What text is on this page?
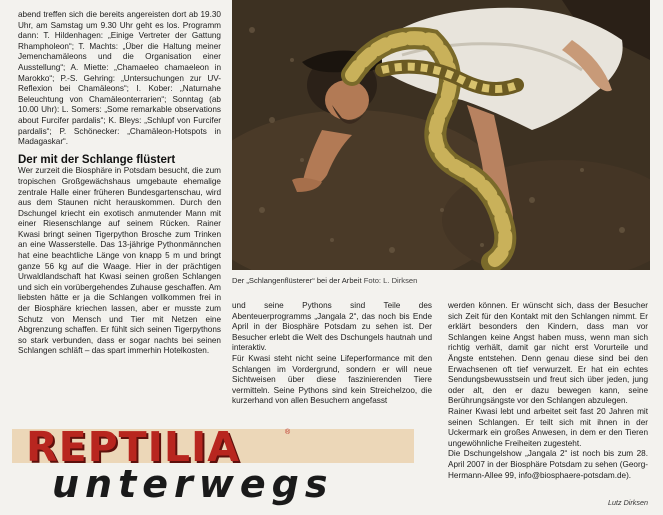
abend treffen sich die bereits angereisten dort ab 19.30 Uhr, am Samstag um 9.30 Uhr geht es los. Programm dann: T. Hildenhagen: „Einige Vertreter der Gattung Rhampholeon“; T. Machts: „Über die Haltung meiner Jemenchamäleons und die Organisation einer Ausstellung“; A. Miette: „Chamaeleo chamaeleon in Marokko“; P.-S. Gehring: „Untersuchungen zur UV-Reflexion bei Chamäleons“; I. Kober: „Naturnahe Beleuchtung von Chamäleonterrarien“; Sonntag (ab 10.00 Uhr): L. Somers: „Some remarkable observations about Furcifer pardalis“; K. Bleys: „Schlupf von Furcifer pardalis“; P. Schönecker: „Chamäleon-Hotspots in Madagaskar“.

Der mit der Schlange flüstert

Wer zurzeit die Biosphäre in Potsdam besucht, die zum tropischen Großgewächshaus umgebaute ehemalige zentrale Halle einer früheren Bundesgartenschau, wird aus dem Staunen nicht herauskommen. Durch den Dschungel kriecht ein exotisch anmutender Mann mit einer Riesenschlange auf seinem Rücken. Rainer Kwasi bringt seinen Tigerpython Brosche zum Trinken an eine Wasserstelle. Das 13-jährige Pythonmännchen hat eine beachtliche Länge von knapp 5 m und bringt ganze 56 kg auf die Waage. Hier in der prächtigen Urwaldlandschaft hat Kwasi seinen großen Schlangen und sich ein vorübergehendes Zuhause geschaffen. Am liebsten hätte er ja die Schlangen vollkommen frei in der Biosphäre kriechen lassen, aber er musste zum Schutz von Mensch und Tier mit Netzen eine Abgrenzung schaffen. Er fühlt sich seinen Tigerpythons so stark verbunden, dass er sogar nachts bei seinen Schlangen schläft – das spart immerhin Hotelkosten.

Der „Schlangenflüsterer“ bei der Arbeit Foto: L. Dirksen

und seine Pythons sind Teile des Abenteuerprogramms „Jangala 2“, das noch bis Ende April in der Biosphäre Potsdam zu sehen ist. Der Besucher erlebt die Welt des Dschungels hautnah und interaktiv.

Für Kwasi steht nicht seine Lifeperformance mit den Schlangen im Vordergrund, sondern er will neue Sichtweisen über diese faszinierenden Tiere vermitteln. Seine Pythons sind kein Streichelzoo, die kurzerhand von allen Besuchern angefasst

werden können. Er wünscht sich, dass der Besucher sich Zeit für den Kontakt mit den Schlangen nimmt. Er erklärt besonders den Kindern, dass man vor Schlangen keine Angst haben muss, wenn man sich richtig verhält, damit gar nicht erst Vorurteile und Ängste entstehen. Denn genau diese sind bei den Erwachsenen oft tief verwurzelt. Er hat ein echtes Sendungsbewusstsein und freut sich über jeden, jung oder alt, den er dazu bewegen kann, seine Berührungsängste vor den Schlangen abzulegen.

Rainer Kwasi lebt und arbeitet seit fast 20 Jahren mit seinen Schlangen. Er teilt sich mit ihnen in der Uckermark ein großes Anwesen, in dem er den Tieren ungewöhnliche Freiheiten zugesteht.

Die Dschungelshow „Jangala 2“ ist noch bis zum 28. April 2007 in der Biosphäre Potsdam zu sehen (Georg-Hermann-Allee 99, info@biosphaere-potsdam.de).

Lutz Dirksen
REPTILIA	®
unterwegs
